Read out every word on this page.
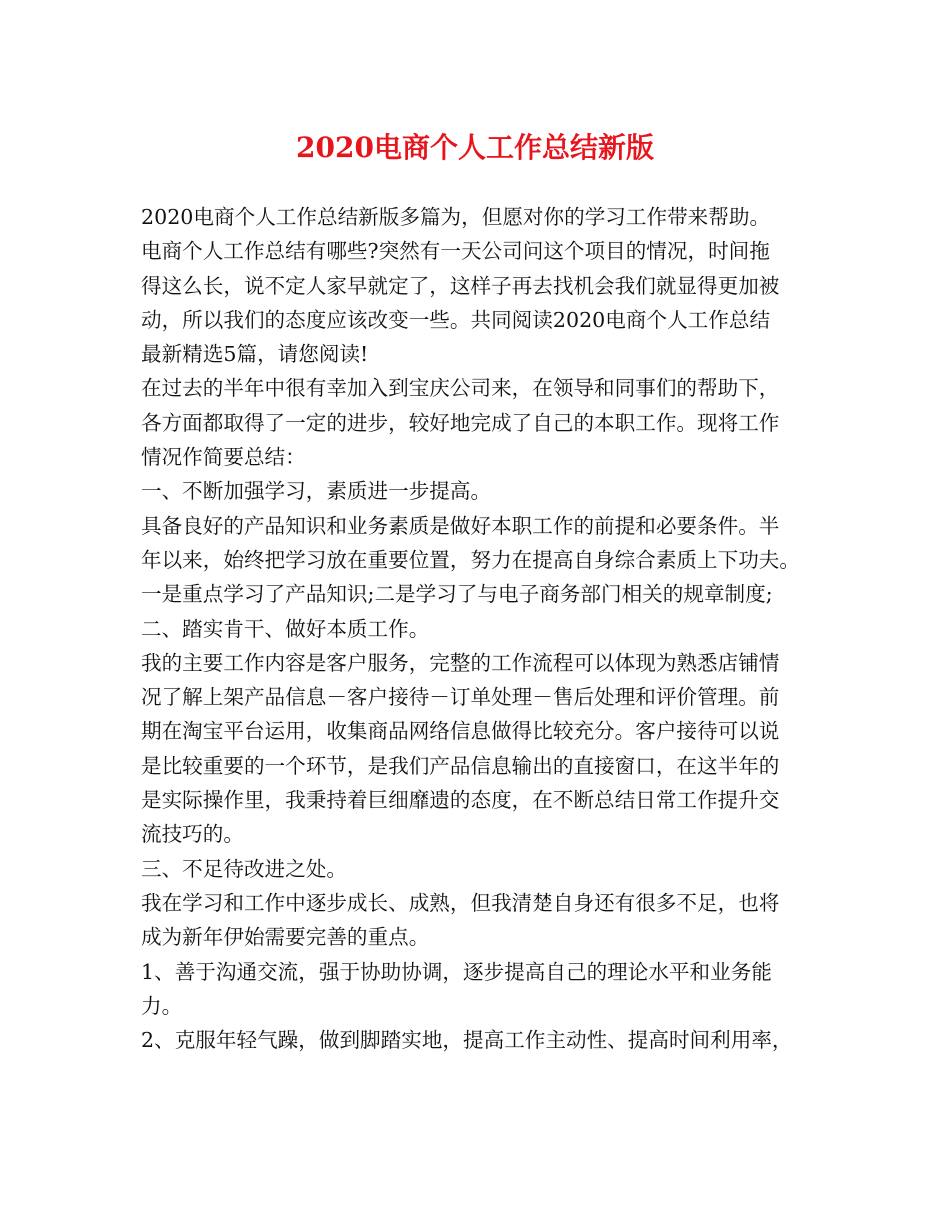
2020电商个人工作总结新版
2020电商个人工作总结新版多篇为，但愿对你的学习工作带来帮助。
电商个人工作总结有哪些?突然有一天公司问这个项目的情况，时间拖
得这么长，说不定人家早就定了，这样子再去找机会我们就显得更加被
动，所以我们的态度应该改变一些。共同阅读2020电商个人工作总结
最新精选5篇，请您阅读!
在过去的半年中很有幸加入到宝庆公司来，在领导和同事们的帮助下，
各方面都取得了一定的进步，较好地完成了自己的本职工作。现将工作
情况作简要总结：
一、不断加强学习，素质进一步提高。
具备良好的产品知识和业务素质是做好本职工作的前提和必要条件。半
年以来，始终把学习放在重要位置，努力在提高自身综合素质上下功夫。
一是重点学习了产品知识;二是学习了与电子商务部门相关的规章制度;
二、踏实肯干、做好本质工作。
我的主要工作内容是客户服务，完整的工作流程可以体现为熟悉店铺情
况了解上架产品信息－客户接待－订单处理－售后处理和评价管理。前
期在淘宝平台运用，收集商品网络信息做得比较充分。客户接待可以说
是比较重要的一个环节，是我们产品信息输出的直接窗口，在这半年的
是实际操作里，我秉持着巨细靡遗的态度，在不断总结日常工作提升交
流技巧的。
三、不足待改进之处。
我在学习和工作中逐步成长、成熟，但我清楚自身还有很多不足，也将
成为新年伊始需要完善的重点。
1、善于沟通交流，强于协助协调，逐步提高自己的理论水平和业务能
力。
2、克服年轻气躁，做到脚踏实地，提高工作主动性、提高时间利用率，
